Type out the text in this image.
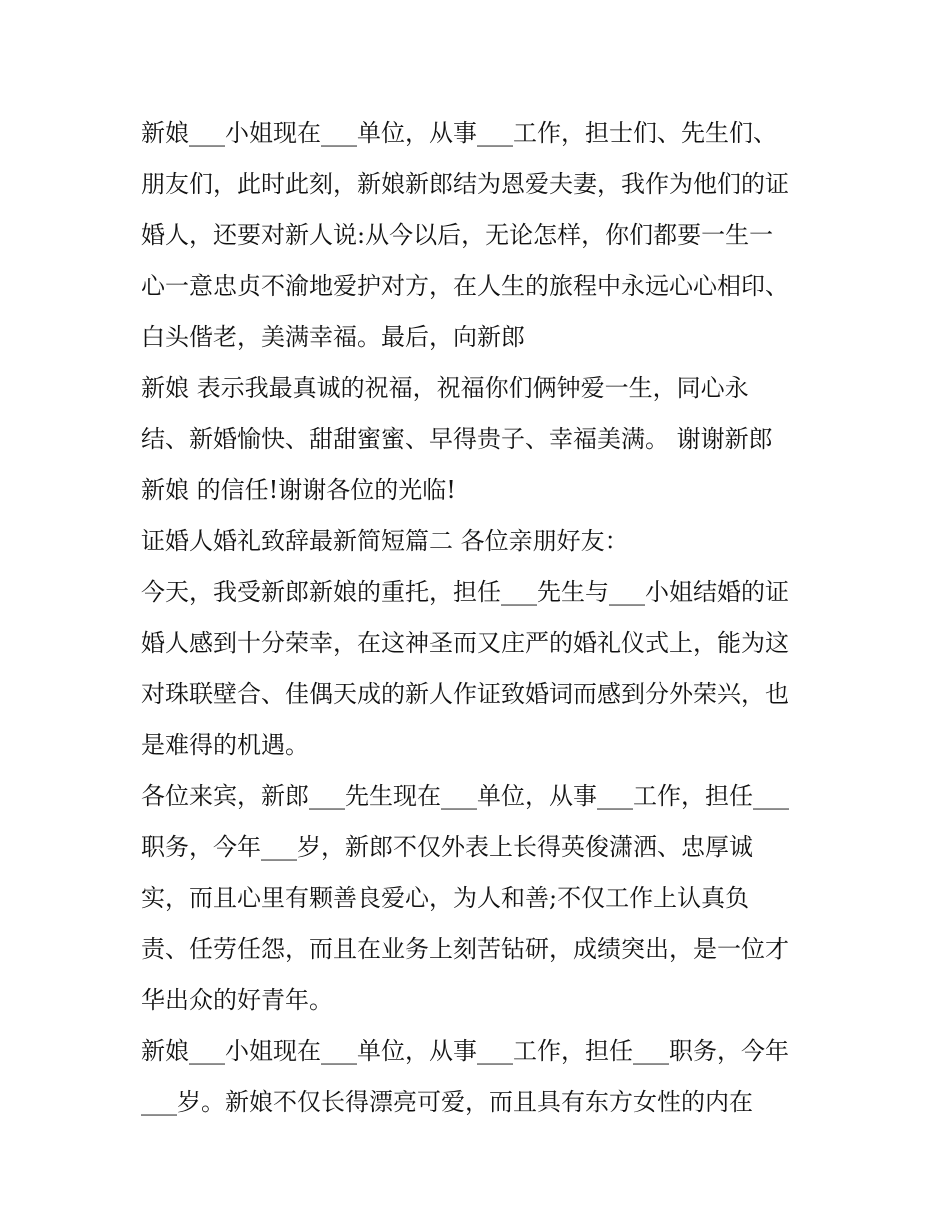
新娘___小姐现在___单位，从事___工作，担士们、先生们、
朋友们，此时此刻，新娘新郎结为恩爱夫妻，我作为他们的证
婚人，还要对新人说:从今以后，无论怎样，你们都要一生一
心一意忠贞不渝地爱护对方，在人生的旅程中永远心心相印、
白头偕老，美满幸福。最后，向新郎
新娘 表示我最真诚的祝福，祝福你们俩钟爱一生，同心永
结、新婚愉快、甜甜蜜蜜、早得贵子、幸福美满。 谢谢新郎
新娘 的信任!谢谢各位的光临!
证婚人婚礼致辞最新简短篇二 各位亲朋好友：
今天，我受新郎新娘的重托，担任___先生与___小姐结婚的证
婚人感到十分荣幸，在这神圣而又庄严的婚礼仪式上，能为这
对珠联壁合、佳偶天成的新人作证致婚词而感到分外荣兴，也
是难得的机遇。
各位来宾，新郎___先生现在___单位，从事___工作，担任___
职务，今年___岁，新郎不仅外表上长得英俊潇洒、忠厚诚
实，而且心里有颗善良爱心，为人和善;不仅工作上认真负
责、任劳任怨，而且在业务上刻苦钻研，成绩突出，是一位才
华出众的好青年。
新娘___小姐现在___单位，从事___工作，担任___职务，今年
___岁。新娘不仅长得漂亮可爱，而且具有东方女性的内在
